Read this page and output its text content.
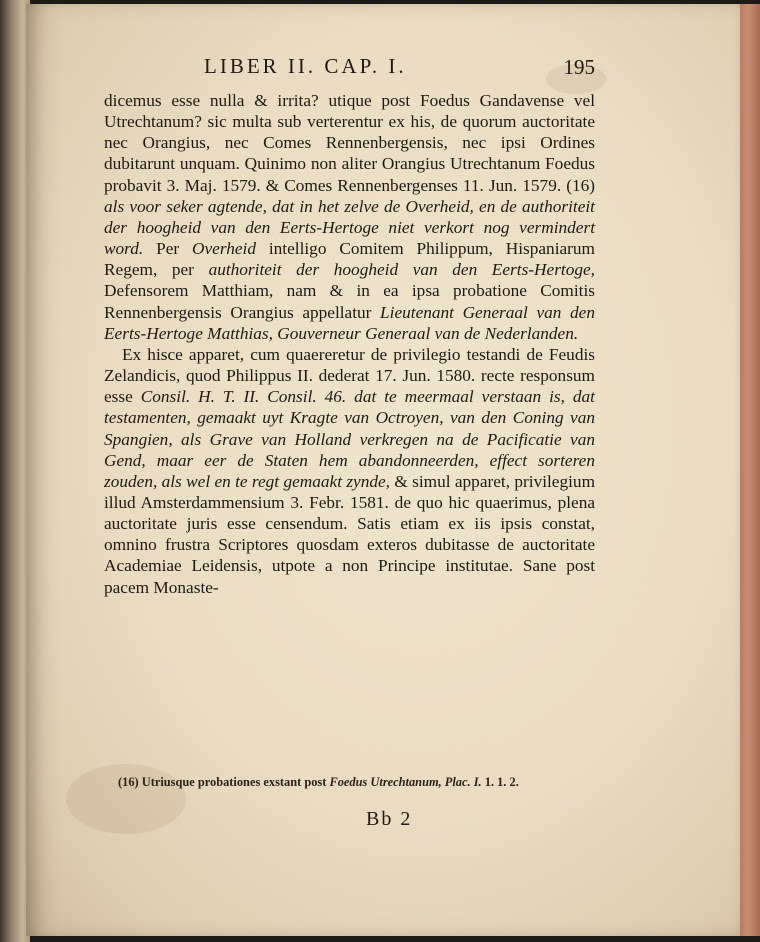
LIBER II. CAP. I.	195

dicemus esse nulla & irrita? utique post Foedus Gandavense vel Utrechtanum? sic multa sub verterentur ex his, de quorum auctoritate nec Orangius, nec Comes Rennenbergensis, nec ipsi Ordines dubitarunt unquam. Quinimo non aliter Orangius Utrechtanum Foedus probavit 3. Maj. 1579. & Comes Rennenbergenses 11. Jun. 1579. (16) als voor seker agtende, dat in het zelve de Overheid, en de authoriteit der hoogheid van den Eerts-Hertoge niet verkort nog vermindert word. Per Overheid intelligo Comitem Philippum, Hispaniarum Regem, per authoriteit der hoogheid van den Eerts-Hertoge, Defensorem Matthiam, nam & in ea ipsa probatione Comitis Rennenbergensis Orangius appellatur Lieutenant Generaal van den Eerts-Hertoge Matthias, Gouverneur Generaal van de Nederlanden.

Ex hisce apparet, cum quaereretur de privilegio testandi de Feudis Zelandicis, quod Philippus II. dederat 17. Jun. 1580. recte responsum esse Consil. H. T. II. Consil. 46. dat te meermaal verstaan is, dat testamenten, gemaakt uyt Kragte van Octroyen, van den Coning van Spangien, als Grave van Holland verkregen na de Pacificatie van Gend, maar eer de Staten hem abandonneerden, effect sorteren zouden, als wel en te regt gemaakt zynde, & simul apparet, privilegium illud Amsterdammensium 3. Febr. 1581. de quo hic quaerimus, plena auctoritate juris esse censendum. Satis etiam ex iis ipsis constat, omnino frustra Scriptores quosdam exteros dubitasse de auctoritate Academiae Leidensis, utpote a non Principe institutae. Sane post pacem Monaste-

(16) Utriusque probationes exstant post Foedus Utrechtanum, Plac. I. 1. 1. 2.
Bb 2
